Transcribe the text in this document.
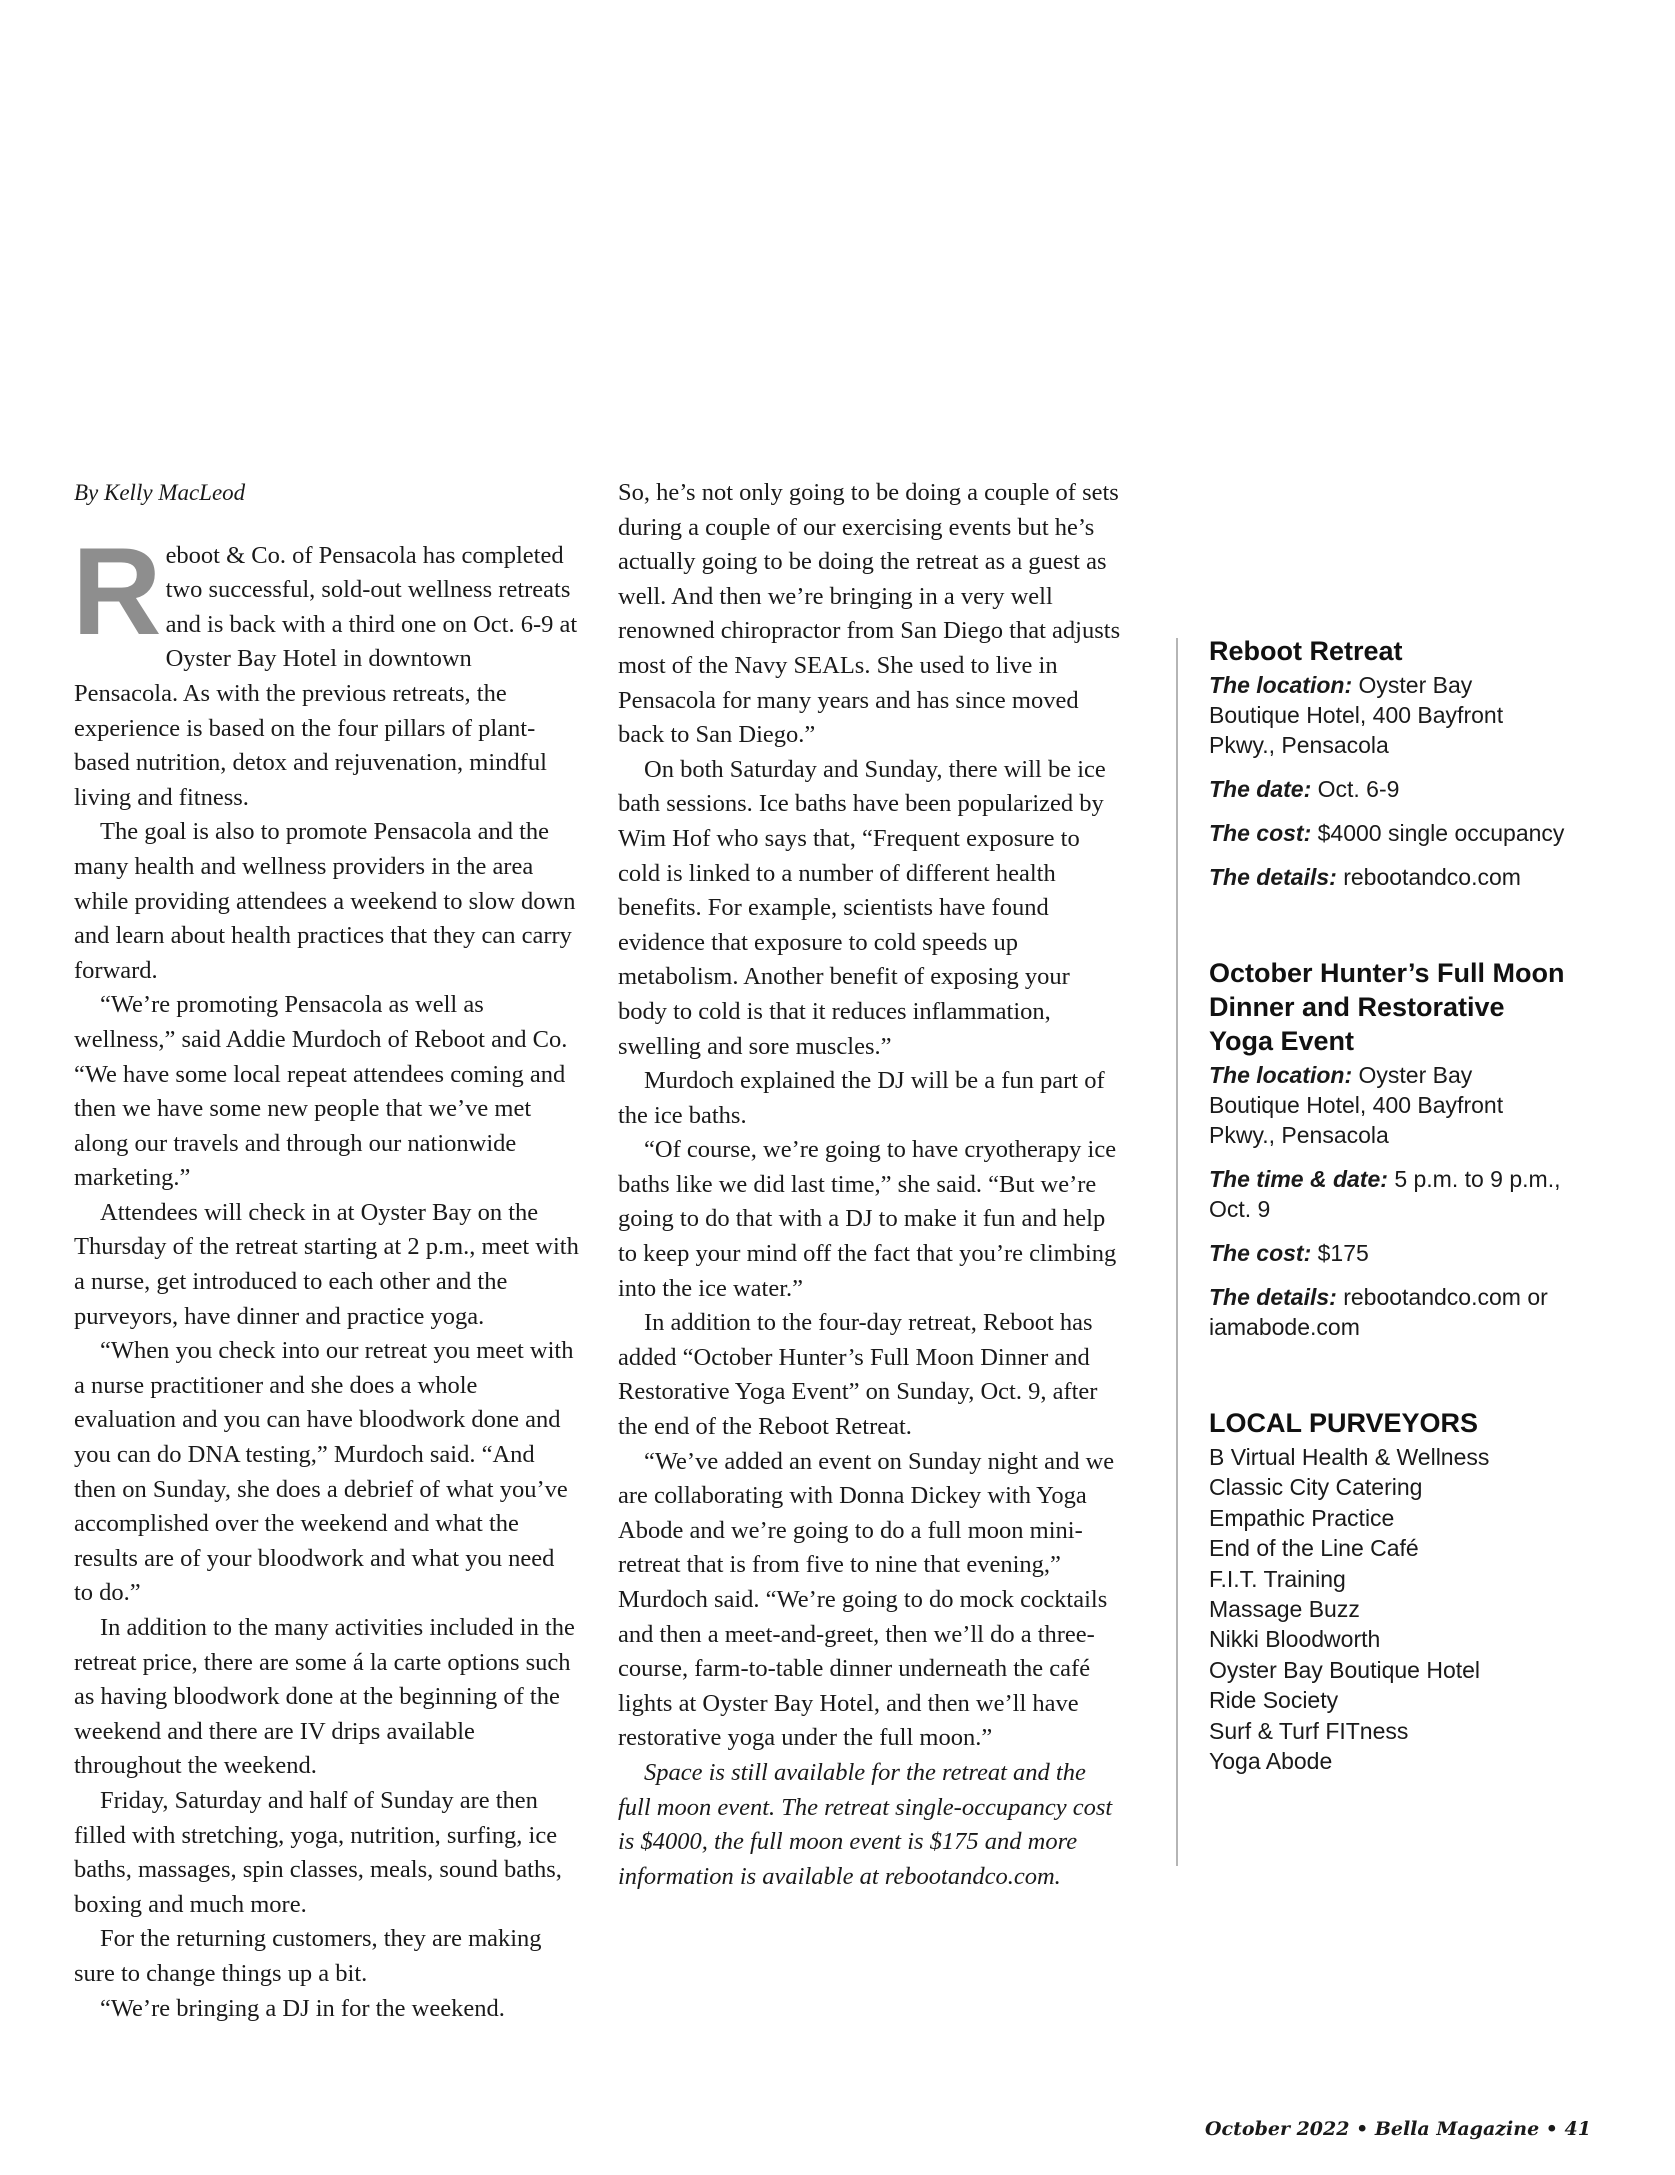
By Kelly MacLeod

Reboot & Co. of Pensacola has completed two successful, sold-out wellness retreats and is back with a third one on Oct. 6-9 at Oyster Bay Hotel in downtown Pensacola. As with the previous retreats, the experience is based on the four pillars of plant-based nutrition, detox and rejuvenation, mindful living and fitness.

The goal is also to promote Pensacola and the many health and wellness providers in the area while providing attendees a weekend to slow down and learn about health practices that they can carry forward.

“We’re promoting Pensacola as well as wellness,” said Addie Murdoch of Reboot and Co. “We have some local repeat attendees coming and then we have some new people that we’ve met along our travels and through our nationwide marketing.”

Attendees will check in at Oyster Bay on the Thursday of the retreat starting at 2 p.m., meet with a nurse, get introduced to each other and the purveyors, have dinner and practice yoga.

“When you check into our retreat you meet with a nurse practitioner and she does a whole evaluation and you can have bloodwork done and you can do DNA testing,” Murdoch said. “And then on Sunday, she does a debrief of what you’ve accomplished over the weekend and what the results are of your bloodwork and what you need to do.”

In addition to the many activities included in the retreat price, there are some á la carte options such as having bloodwork done at the beginning of the weekend and there are IV drips available throughout the weekend.

Friday, Saturday and half of Sunday are then filled with stretching, yoga, nutrition, surfing, ice baths, massages, spin classes, meals, sound baths, boxing and much more.

For the returning customers, they are making sure to change things up a bit.

“We’re bringing a DJ in for the weekend.

So, he’s not only going to be doing a couple of sets during a couple of our exercising events but he’s actually going to be doing the retreat as a guest as well. And then we’re bringing in a very well renowned chiropractor from San Diego that adjusts most of the Navy SEALs. She used to live in Pensacola for many years and has since moved back to San Diego.”

On both Saturday and Sunday, there will be ice bath sessions. Ice baths have been popularized by Wim Hof who says that, “Frequent exposure to cold is linked to a number of different health benefits. For example, scientists have found evidence that exposure to cold speeds up metabolism. Another benefit of exposing your body to cold is that it reduces inflammation, swelling and sore muscles.”

Murdoch explained the DJ will be a fun part of the ice baths.

“Of course, we’re going to have cryotherapy ice baths like we did last time,” she said. “But we’re going to do that with a DJ to make it fun and help to keep your mind off the fact that you’re climbing into the ice water.”

In addition to the four-day retreat, Reboot has added “October Hunter’s Full Moon Dinner and Restorative Yoga Event” on Sunday, Oct. 9, after the end of the Reboot Retreat.

“We’ve added an event on Sunday night and we are collaborating with Donna Dickey with Yoga Abode and we’re going to do a full moon mini-retreat that is from five to nine that evening,” Murdoch said. “We’re going to do mock cocktails and then a meet-and-greet, then we’ll do a three-course, farm-to-table dinner underneath the café lights at Oyster Bay Hotel, and then we’ll have restorative yoga under the full moon.”

Space is still available for the retreat and the full moon event. The retreat single-occupancy cost is $4000, the full moon event is $175 and more information is available at rebootandco.com.

Reboot Retreat
The location: Oyster Bay Boutique Hotel, 400 Bayfront Pkwy., Pensacola
The date: Oct. 6-9
The cost: $4000 single occupancy
The details: rebootandco.com
October Hunter’s Full Moon Dinner and Restorative Yoga Event
The location: Oyster Bay Boutique Hotel, 400 Bayfront Pkwy., Pensacola
The time & date: 5 p.m. to 9 p.m., Oct. 9
The cost: $175
The details: rebootandco.com or iamabode.com
LOCAL PURVEYORS
B Virtual Health & Wellness
Classic City Catering
Empathic Practice
End of the Line Café
F.I.T. Training
Massage Buzz
Nikki Bloodworth
Oyster Bay Boutique Hotel
Ride Society
Surf & Turf FITness
Yoga Abode
October 2022 • Bella Magazine • 41
